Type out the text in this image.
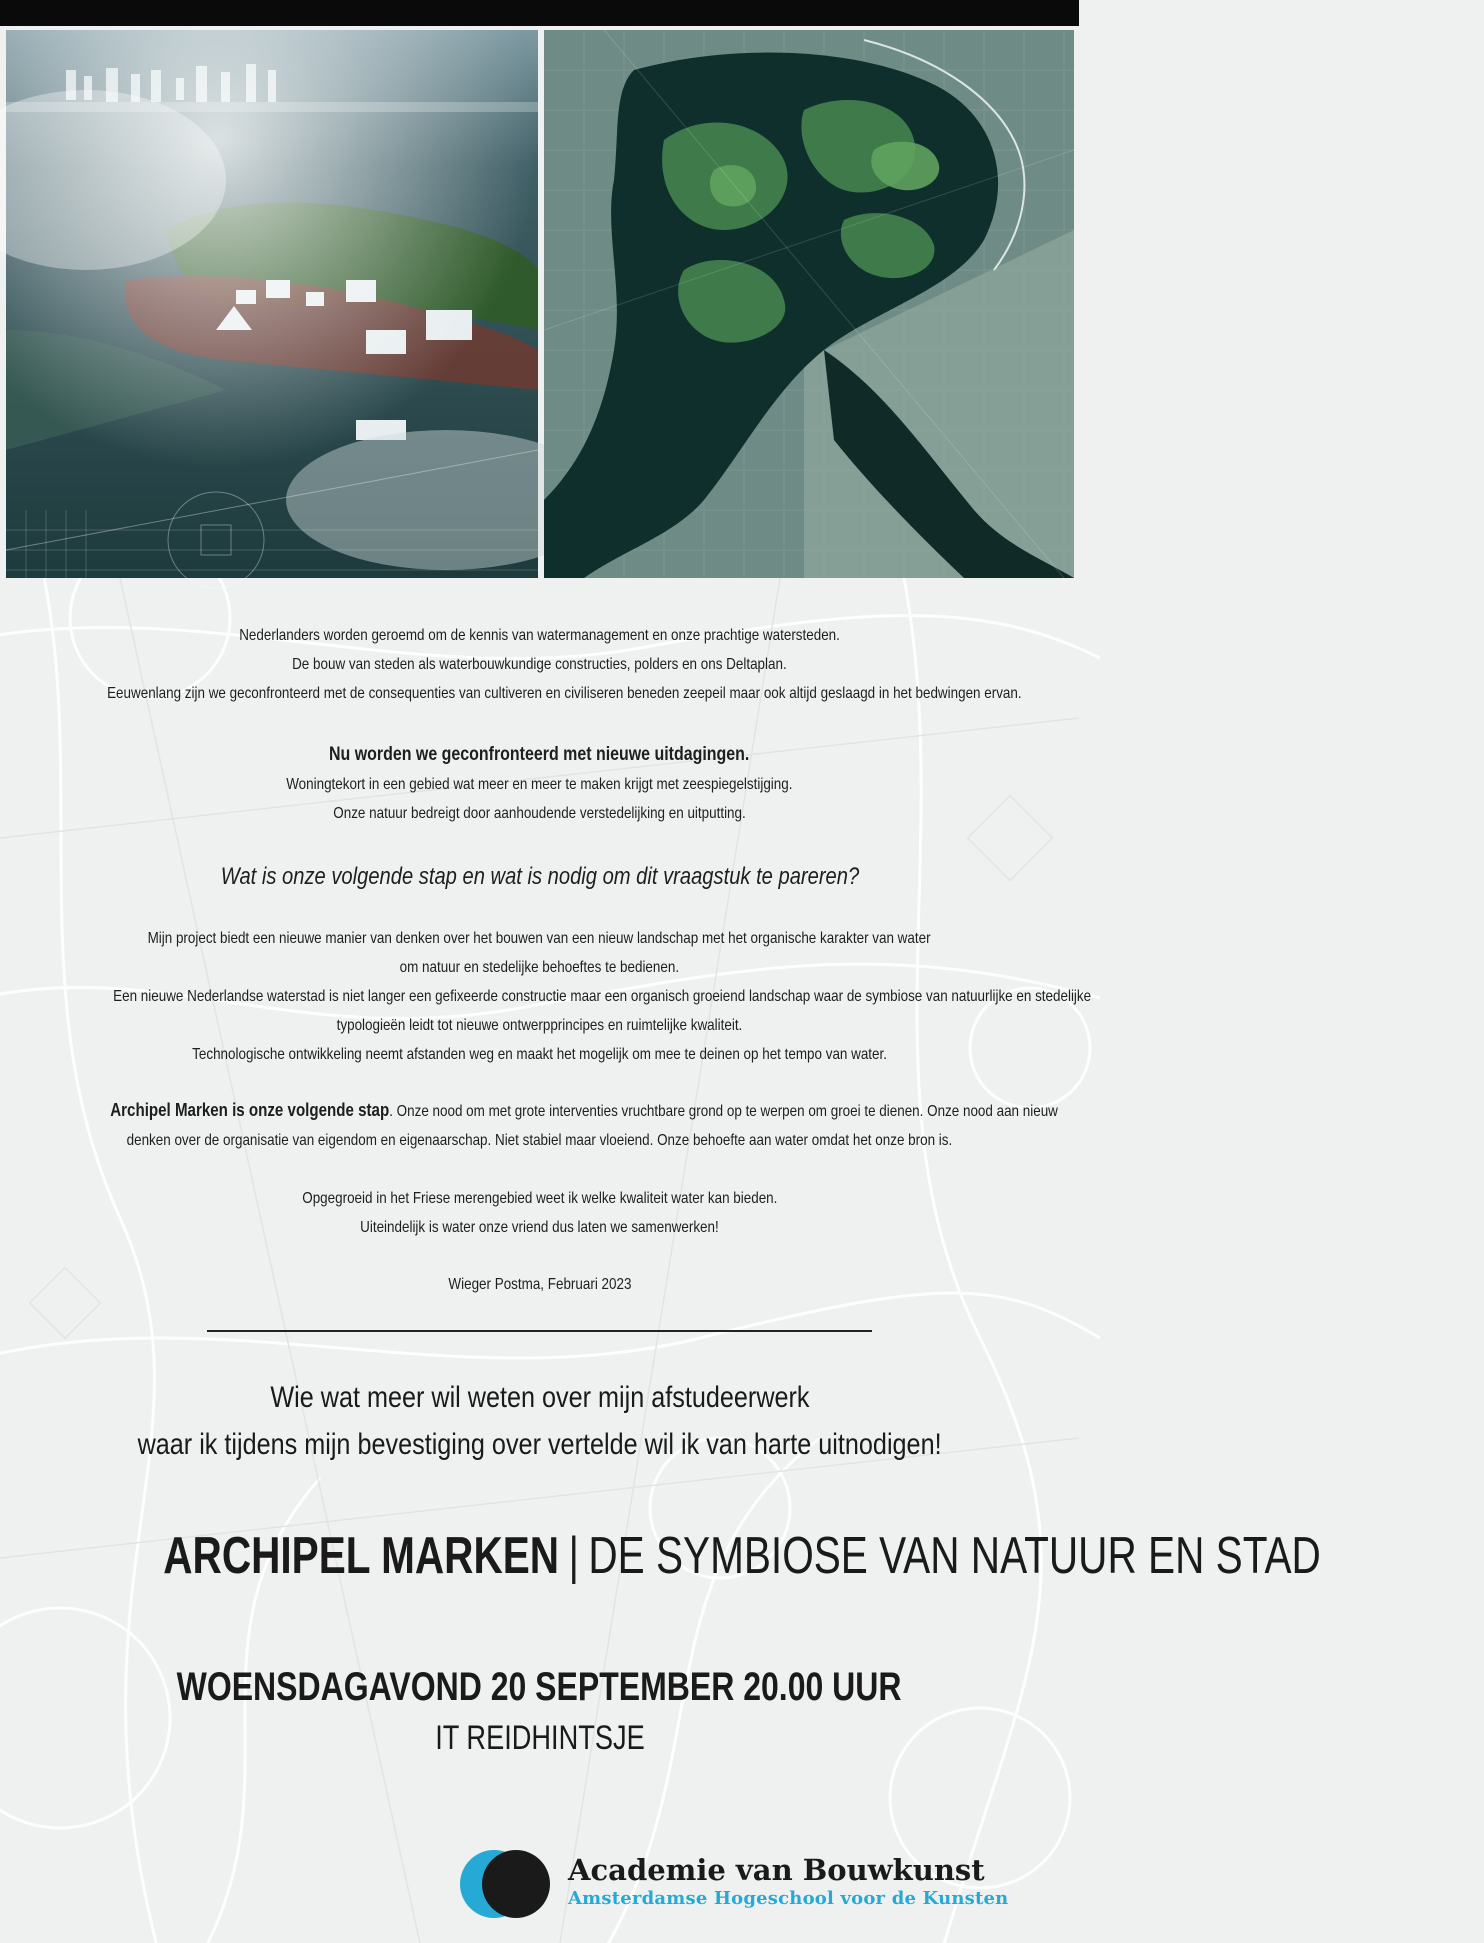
Nederlanders worden geroemd om de kennis van watermanagement en onze prachtige watersteden.

De bouw van steden als waterbouwkundige constructies, polders en ons Deltaplan.

Eeuwenlang zijn we geconfronteerd met de consequenties van cultiveren en civiliseren beneden zeepeil maar ook altijd geslaagd in het bedwingen ervan.

Nu worden we geconfronteerd met nieuwe uitdagingen.

Woningtekort in een gebied wat meer en meer te maken krijgt met zeespiegelstijging.

Onze natuur bedreigt door aanhoudende verstedelijking en uitputting.

Wat is onze volgende stap en wat is nodig om dit vraagstuk te pareren?

Mijn project biedt een nieuwe manier van denken over het bouwen van een nieuw landschap met het organische karakter van water

om natuur en stedelijke behoeftes te bedienen.

Een nieuwe Nederlandse waterstad is niet langer een gefixeerde constructie maar een organisch groeiend landschap waar de symbiose van natuurlijke en stedelijke

typologieën leidt tot nieuwe ontwerpprincipes en ruimtelijke kwaliteit.

Technologische ontwikkeling neemt afstanden weg en maakt het mogelijk om mee te deinen op het tempo van water.

Archipel Marken is onze volgende stap. Onze nood om met grote interventies vruchtbare grond op te werpen om groei te dienen. Onze nood aan nieuw

denken over de organisatie van eigendom en eigenaarschap. Niet stabiel maar vloeiend. Onze behoefte aan water omdat het onze bron is.

Opgegroeid in het Friese merengebied weet ik welke kwaliteit water kan bieden.

Uiteindelijk is water onze vriend dus laten we samenwerken!

Wieger Postma, Februari 2023

Wie wat meer wil weten over mijn afstudeerwerk
waar ik tijdens mijn bevestiging over vertelde wil ik van harte uitnodigen!
ARCHIPEL MARKEN | DE SYMBIOSE VAN NATUUR EN STAD
WOENSDAGAVOND 20 SEPTEMBER 20.00 UUR
IT REIDHINTSJE
Academie van Bouwkunst
Amsterdamse Hogeschool voor de Kunsten
